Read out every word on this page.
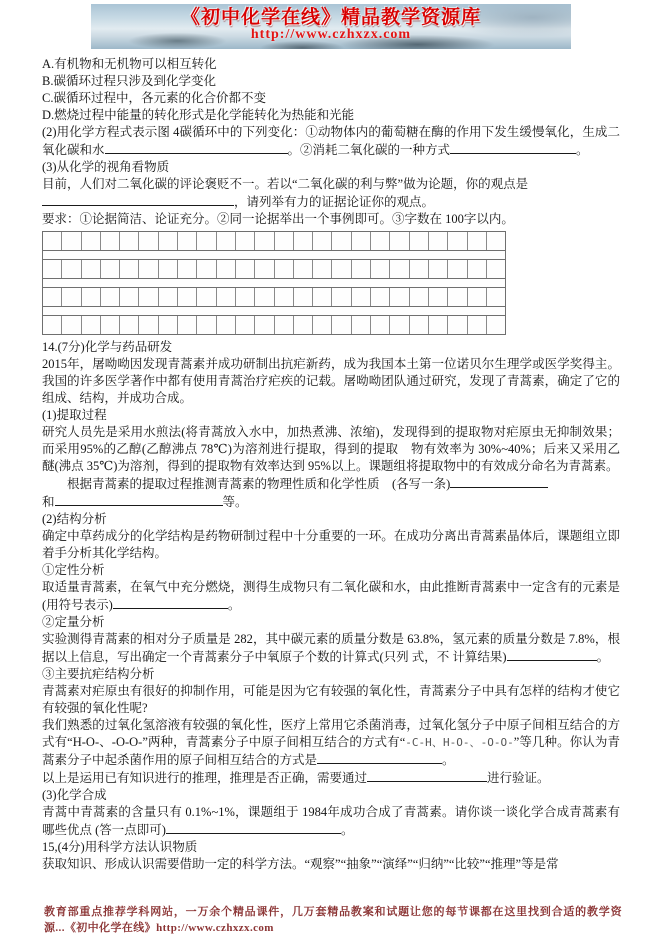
《初中化学在线》精品教学资源库
http://www.czhxzx.com

A.有机物和无机物可以相互转化

B.碳循环过程只涉及到化学变化

C.碳循环过程中，各元素的化合价都不变

D.燃烧过程中能量的转化形式是化学能转化为热能和光能

(2)用化学方程式表示图 4碳循环中的下列变化：①动物体内的葡萄糖在酶的作用下发生缓慢氧化，生成二氧化碳和水	。②消耗二氧化碳的一种方式	。

(3)从化学的视角看物质

目前，人们对二氧化碳的评论褒贬不一。若以“二氧化碳的利与弊”做为论题，你的观点是

，请列举有力的证据论证你的观点。

要求：①论据简洁、论证充分。②同一论据举出一个事例即可。③字数在 100字以内。

14.(7分)化学与药品研发

2015年，屠呦呦因发现青蒿素并成功研制出抗疟新药，成为我国本土第一位诺贝尔生理学或医学奖得主。我国的许多医学著作中都有使用青蒿治疗疟疾的记载。屠呦呦团队通过研究，发现了青蒿素，确定了它的组成、结构，并成功合成。

(1)提取过程

研究人员先是采用水煎法(将青蒿放入水中，加热煮沸、浓缩)，发现得到的提取物对疟原虫无抑制效果；而采用95%的乙醇(乙醇沸点 78℃)为溶剂进行提取，得到的提取　物有效率为 30%~40%；后来又采用乙醚(沸点 35℃)为溶剂，得到的提取物有效率达到 95%以上。课题组将提取物中的有效成分命名为青蒿素。

根据青蒿素的提取过程推测青蒿素的物理性质和化学性质　(各写一条)

和	等。

(2)结构分析

确定中草药成分的化学结构是药物研制过程中十分重要的一环。在成功分离出青蒿素晶体后，课题组立即着手分析其化学结构。

①定性分析

取适量青蒿素，在氧气中充分燃烧，测得生成物只有二氧化碳和水，由此推断青蒿素中一定含有的元素是(用符号表示)	。

②定量分析

实验测得青蒿素的相对分子质量是 282，其中碳元素的质量分数是 63.8%，氢元素的质量分数是 7.8%，根据以上信息，写出确定一个青蒿素分子中氧原子个数的计算式(只列 式，不 计算结果)	。

③主要抗疟结构分析

青蒿素对疟原虫有很好的抑制作用，可能是因为它有较强的氧化性，青蒿素分子中具有怎样的结构才使它有较强的氧化性呢?

我们熟悉的过氧化氢溶液有较强的氧化性，医疗上常用它杀菌消毒，过氧化氢分子中原子间相互结合的方式有“H-O-、-O-O-”两种，青蒿素分子中原子间相互结合的方式有“-C-H、H-O-、-O-O-”等几种。你认为青蒿素分子中起杀菌作用的原子间相互结合的方式是	。

以上是运用已有知识进行的推理，推理是否正确，需要通过	进行验证。

(3)化学合成

青蒿中青蒿素的含量只有 0.1%~1%，课题组于 1984年成功合成了青蒿素。请你谈一谈化学合成青蒿素有哪些优点 (答一点即可)	。

15,(4分)用科学方法认识物质

获取知识、形成认识需要借助一定的科学方法。“观察”“抽象”“演绎”“归纳”“比较”“推理”等是常

教育部重点推荐学科网站，一万余个精品课件，几万套精品教案和试题让您的每节课都在这里找到合适的教学资源...《初中化学在线》http://www.czhxzx.com
